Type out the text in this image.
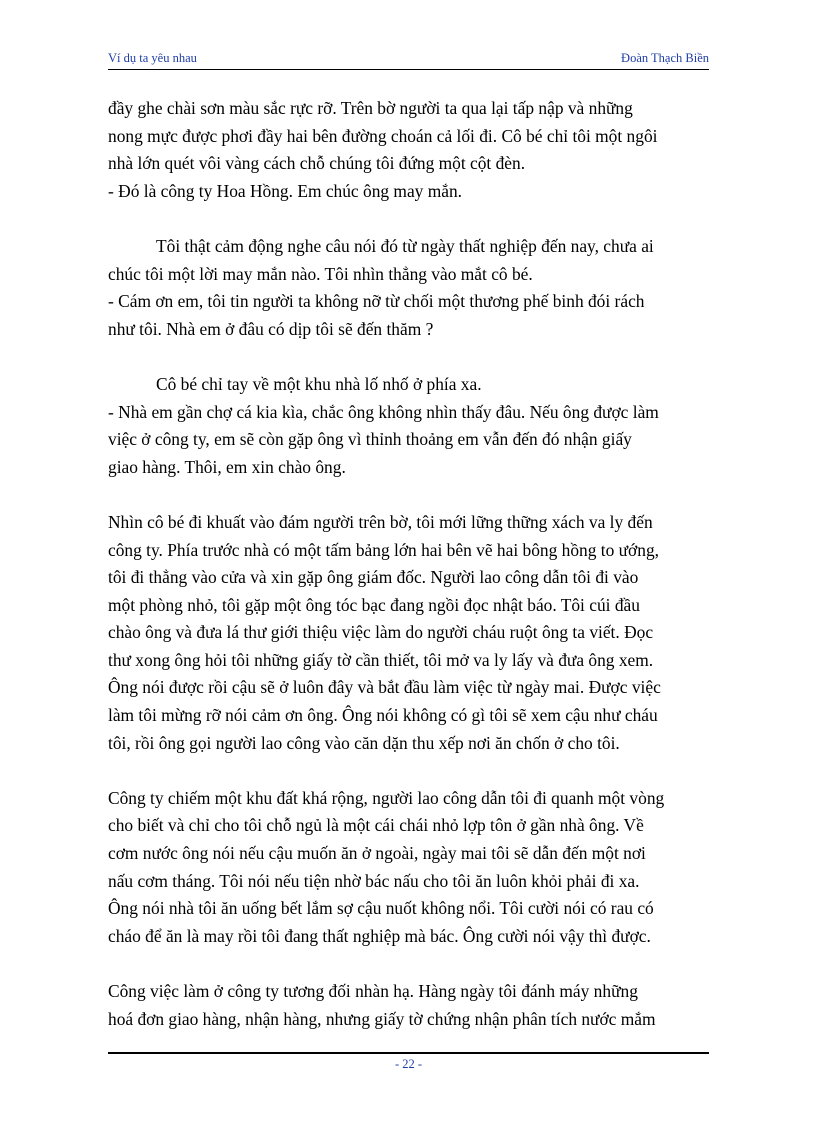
Ví dụ ta yêu nhau	Đoàn Thạch Biền

đầy ghe chài sơn màu sắc rực rỡ. Trên bờ người ta qua lại tấp nập và những
nong mực được phơi đầy hai bên đường choán cả lối đi. Cô bé chỉ tôi một ngôi
nhà lớn quét vôi vàng cách chỗ chúng tôi đứng một cột đèn.
- Đó là công ty Hoa Hồng. Em chúc ông may mắn.

Tôi thật cảm động nghe câu nói đó từ ngày thất nghiệp đến nay, chưa ai
chúc tôi một lời may mắn nào. Tôi nhìn thẳng vào mắt cô bé.
- Cám ơn em, tôi tin người ta không nỡ từ chối một thương phế binh đói rách
như tôi. Nhà em ở đâu có dịp tôi sẽ đến thăm ?

Cô bé chỉ tay về một khu nhà lố nhố ở phía xa.
- Nhà em gần chợ cá kia kìa, chắc ông không nhìn thấy đâu. Nếu ông được làm
việc ở công ty, em sẽ còn gặp ông vì thỉnh thoảng em vẫn đến đó nhận giấy
giao hàng. Thôi, em xin chào ông.

Nhìn cô bé đi khuất vào đám người trên bờ, tôi mới lững thững xách va ly đến
công ty. Phía trước nhà có một tấm bảng lớn hai bên vẽ hai bông hồng to ướng,
tôi đi thẳng vào cửa và xin gặp ông giám đốc. Người lao công dẫn tôi đi vào
một phòng nhỏ, tôi gặp một ông tóc bạc đang ngồi đọc nhật báo. Tôi cúi đầu
chào ông và đưa lá thư giới thiệu việc làm do người cháu ruột ông ta viết. Đọc
thư xong ông hỏi tôi những giấy tờ cần thiết, tôi mở va ly lấy và đưa ông xem.
Ông nói được rồi cậu sẽ ở luôn đây và bắt đầu làm việc từ ngày mai. Được việc
làm tôi mừng rỡ nói cảm ơn ông. Ông nói không có gì tôi sẽ xem cậu như cháu
tôi, rồi ông gọi người lao công vào căn dặn thu xếp nơi ăn chốn ở cho tôi.

Công ty chiếm một khu đất khá rộng, người lao công dẫn tôi đi quanh một vòng
cho biết và chỉ cho tôi chỗ ngủ là một cái chái nhỏ lợp tôn ở gần nhà ông. Về
cơm nước ông nói nếu cậu muốn ăn ở ngoài, ngày mai tôi sẽ dẫn đến một nơi
nấu cơm tháng. Tôi nói nếu tiện nhờ bác nấu cho tôi ăn luôn khỏi phải đi xa.
Ông nói nhà tôi ăn uống bết lắm sợ cậu nuốt không nổi. Tôi cười nói có rau có
cháo để ăn là may rồi tôi đang thất nghiệp mà bác. Ông cười nói vậy thì được.

Công việc làm ở công ty tương đối nhàn hạ. Hàng ngày tôi đánh máy những
hoá đơn giao hàng, nhận hàng, nhưng giấy tờ chứng nhận phân tích nước mắm

- 22 -
